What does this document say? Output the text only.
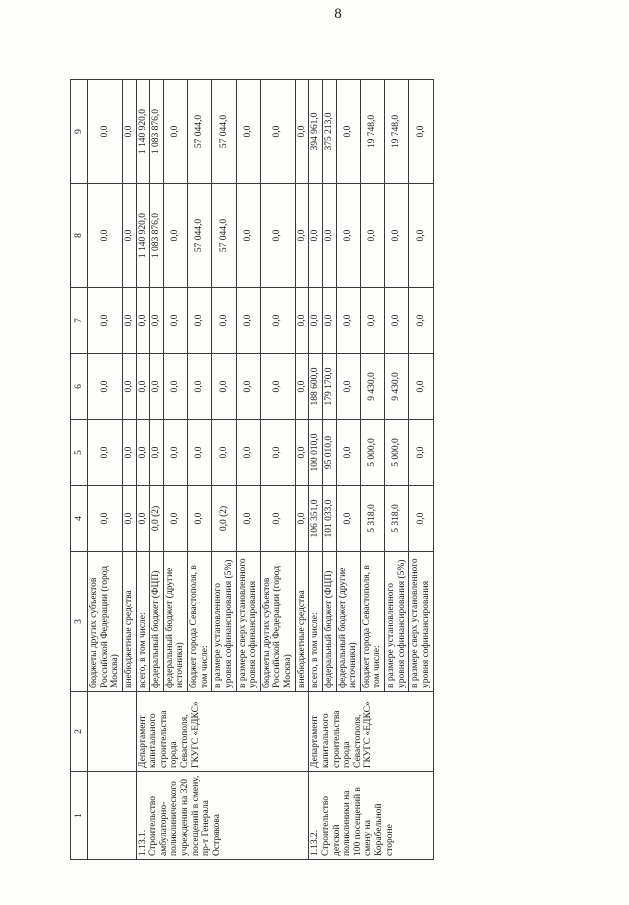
8
1	2	3	4	5	6	7	8	9
		бюджеты других субъектов Российской Федерации (город Москва)	0,0	0,0	0,0	0,0	0,0	0,0
		внебюджетные средства	0,0	0,0	0,0	0,0	0,0	0,0

1.13.1. Строительство амбулаторно-поликлинического учреждения на 320 посещений в смену, пр-т Генерала Острякова	Департамент капитального строительства города Севастополя, ГКУГС «ЕДКС»	всего, в том числе:	0,0	0,0	0,0	0,0	1 140 920,0	1 140 920,0
		федеральный бюджет (ФЦП)	0,0 (2)	0,0	0,0	0,0	1 083 876,0	1 083 876,0
		федеральный бюджет (другие источники)	0,0	0,0	0,0	0,0	0,0	0,0
		бюджет города Севастополя, в том числе:	0,0	0,0	0,0	0,0	57 044,0	57 044,0
		в размере установленного уровня софинансирования (5%)	0,0 (2)	0,0	0,0	0,0	57 044,0	57 044,0
		в размере сверх установленного уровня софинансирования	0,0	0,0	0,0	0,0	0,0	0,0
		бюджеты других субъектов Российской Федерации (город Москва)	0,0	0,0	0,0	0,0	0,0	0,0
		внебюджетные средства	0,0	0,0	0,0	0,0	0,0	0,0

1.13.2. Строительство детской поликлиники на 100 посещений в смену на Корабельной стороне	Департамент капитального строительства города Севастополя, ГКУГС «ЕДКС»	всего, в том числе:	106 351,0	100 010,0	188 600,0	0,0	0,0	394 961,0
		федеральный бюджет (ФЦП)	101 033,0	95 010,0	179 170,0	0,0	0,0	375 213,0
		федеральный бюджет (другие источники)	0,0	0,0	0,0	0,0	0,0	0,0
		бюджет города Севастополя, в том числе:	5 318,0	5 000,0	9 430,0	0,0	0,0	19 748,0
		в размере установленного уровня софинансирования (5%)	5 318,0	5 000,0	9 430,0	0,0	0,0	19 748,0
		в размере сверх установленного уровня софинансирования	0,0	0,0	0,0	0,0	0,0	0,0
